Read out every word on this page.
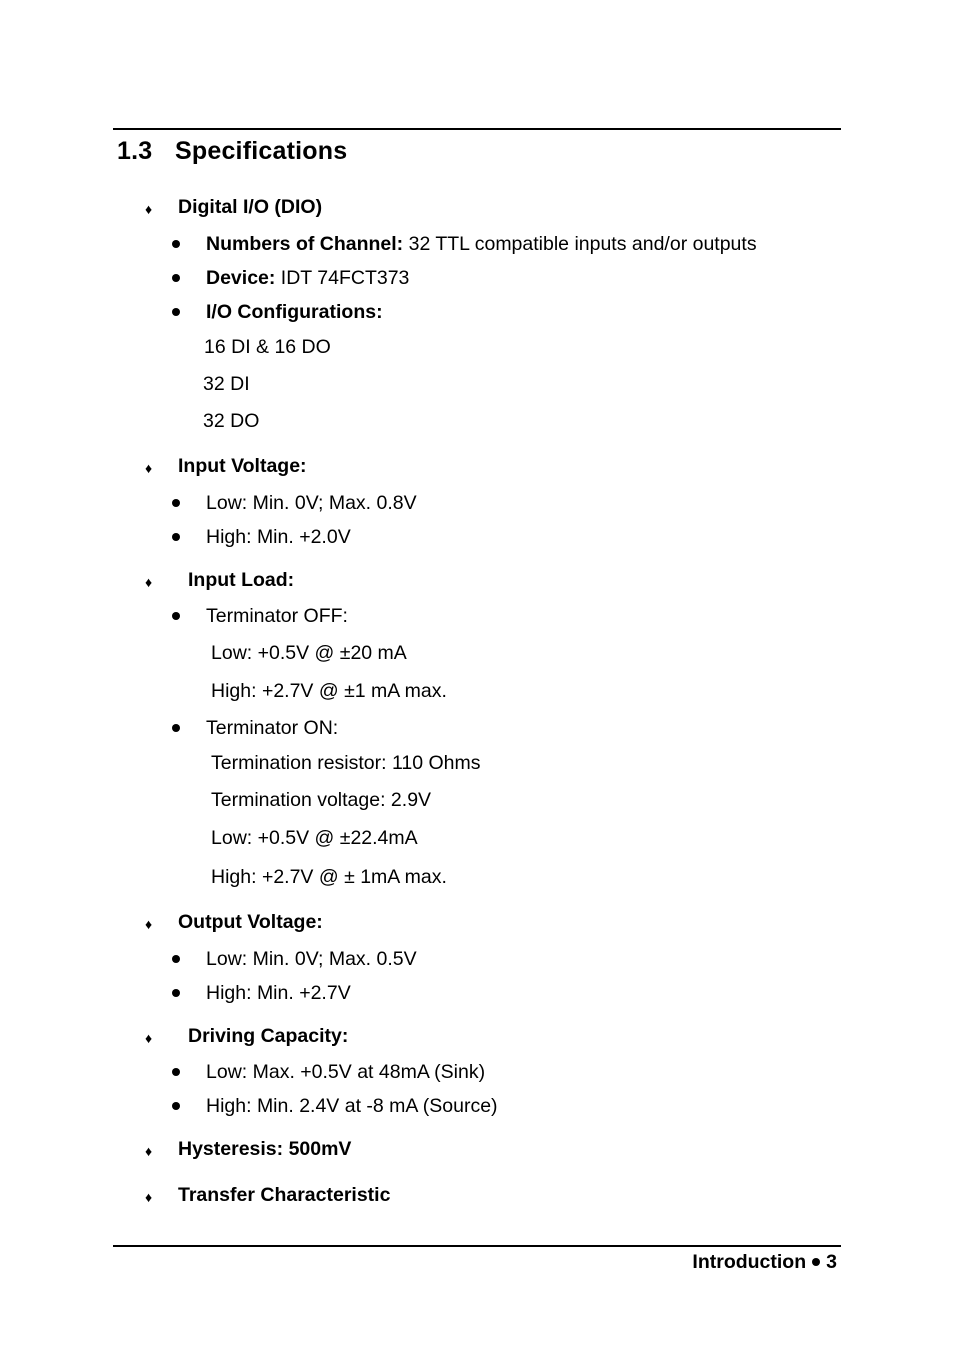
1.3 Specifications
♦ Digital I/O (DIO)
Numbers of Channel: 32 TTL compatible inputs and/or outputs
Device: IDT 74FCT373
I/O Configurations:
16 DI & 16 DO
32 DI
32 DO
♦ Input Voltage:
Low: Min. 0V; Max. 0.8V
High: Min. +2.0V
♦ Input Load:
Terminator OFF:
Low: +0.5V @ ±20 mA
High: +2.7V @ ±1 mA max.
Terminator ON:
Termination resistor: 110 Ohms
Termination voltage: 2.9V
Low: +0.5V @ ±22.4mA
High: +2.7V @ ± 1mA max.
♦ Output Voltage:
Low: Min. 0V; Max. 0.5V
High: Min. +2.7V
♦ Driving Capacity:
Low: Max. +0.5V at 48mA (Sink)
High: Min. 2.4V at -8 mA (Source)
♦ Hysteresis: 500mV
♦ Transfer Characteristic
Introduction 3
